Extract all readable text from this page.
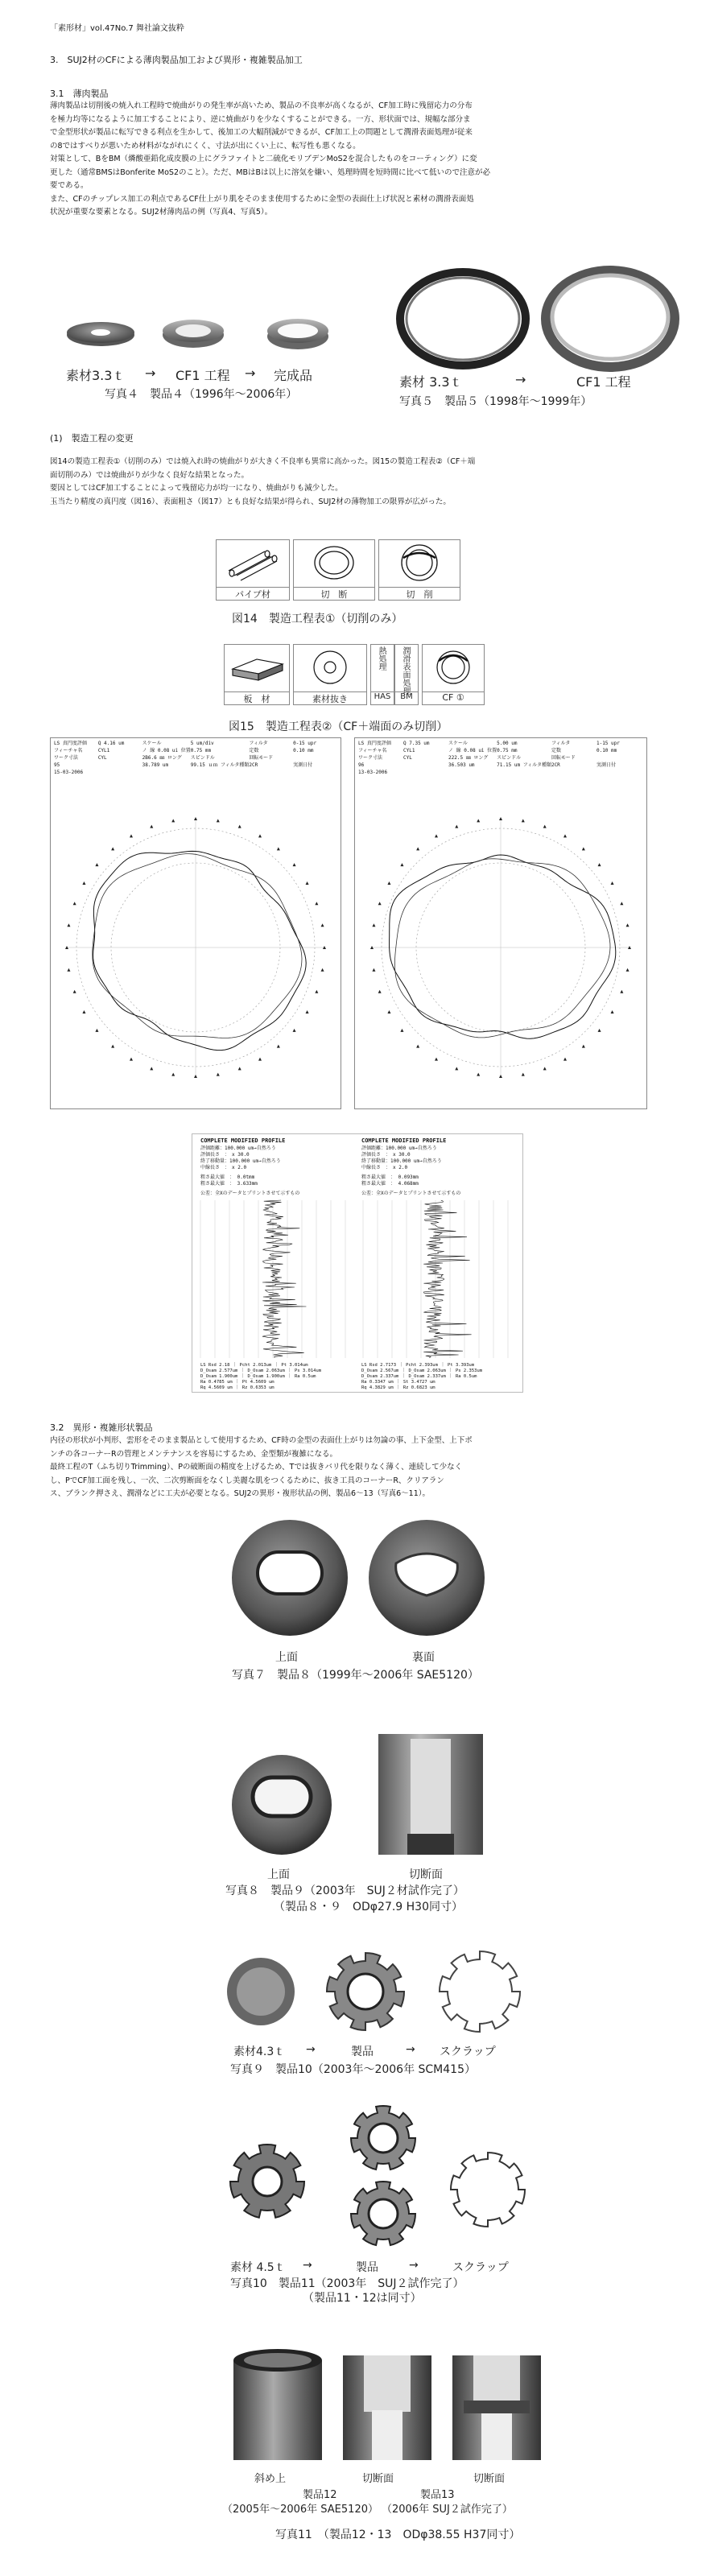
「素形材」vol.47No.7 舞社論文抜粋
3.　SUJ2材のCFによる薄肉製品加工および異形・複雑製品加工
3.1　薄肉製品
薄肉製品は切削後の焼入れ工程時で焼曲がりの発生率が高いため、製品の不良率が高くなるが、CF加工時に残留応力の分布
を極力均等になるように加工することにより、逆に焼曲がりを少なくすることができる。一方、形状面では、規幅な部分ま
で金型形状が製品に転写できる利点を生かして、後加工の大幅削減ができるが、CF加工上の問題として潤滑表面処理が従来
の8ではすべりが悪いため材料がながれにくく、寸法が出にくい上に、転写性も悪くなる。
対策として、BをBM（燐酸亜鉛化成皮膜の上にグラファイトと二硫化モリブデンMoS2を混合したものをコーティング）に変
更した（通常BMSはBonferite MoS2のこと）。ただ、MBはBは以上に溶気を嫌い、処理時間を短時間に比べて低いので注意が必
要である。
また、CFのチップレス加工の利点であるCF仕上がり肌をそのまま使用するために金型の表面仕上げ状況と素材の潤滑表面処
状況が重要な要素となる。SUJ2材薄肉品の例（写真4、写真5）。
素材3.3ｔ → CF1 工程 → 完成品
写真４　製品４（1996年〜2006年）
素材 3.3ｔ	→	CF1 工程
写真５　製品５（1998年〜1999年）
(1)　製造工程の変更
図14の製造工程表①（切削のみ）では焼入れ時の焼曲がりが大きく不良率も異常に高かった。図15の製造工程表②（CF＋端
面切削のみ）では焼曲がりが少なく良好な結果となった。
要因としてはCF加工することによって残留応力が均一になり、焼曲がりも減少した。
玉当たり精度の真円度（図16）、表面粗さ（図17）とも良好な結果が得られ、SUJ2材の薄物加工の限界が広がった。
パイプ材	切　断	切　削
図14　製造工程表①（切削のみ）
板　材	素材抜き
熱処理
HAS
潤滑表面処理
BM	CF ①
図15　製造工程表②（CF＋端面のみ切削）
LS 真円度評価	Q 4.16 um	スケール	5 um/div	フィルタ	0-15 upr
フィーチャ名	CYL1	ノ 線 0.08 ui 位置 0.75 mm	定数	0.10 mm
ワーク寸法	CYL	2B6.6 ㎜ ロング	スピンドル	回転モード
95	38.789 um	99.15 ｕｍ フィルタ種類 2CR	実測日付
15-03-2006
LS 真円度評価	Q 7.35 um	スケール	5.00 um	フィルタ	1-15 upr
フィーチャ名	CYL1	ノ 線 0.08 ui 位置 0.75 mm	定数	0.10 mm
ワーク寸法	CYL	222.5 ㎜ ロング	スピンドル	回転モード
96	36.503 um	71.15 um フィルタ種類 2CR	実測日付
13-03-2006
COMPLETE MODIFIED PROFILE	COMPLETE MODIFIED PROFILE
評価距離：100.000 um→自然ろう
評価長さ　：　x 30.0
終了移動量：100.000 um→自然ろう
中線長さ　：　x 2.0
粗さ最大値　： 0.0tmm
粗さ最大値　： 3.633mm
公差：全Xのデータとプリントさせて示すもの
評価距離：100.000 um→自然ろう
評価長さ　：　x 30.0
終了移動量：100.000 um→自然ろう
中線長さ　：　x 2.0
粗さ最大値　： 0.093mm
粗さ最大値　： 4.068mm
公差：全Xのデータとプリントさせて示すもの
LS Rsd 2.18 ｜ Pcht 2.013um ｜ Pt 3.014um
D_Osam 2.577um ｜ D_Osam 2.063um ｜ Ps 3.014um
D_Osam 1.900um ｜ D_Osam 1.900um ｜ Ra 0.5um
Ra 0.4785 um ｜ Pt 4.5609 um
Rq 4.5609 um ｜ Rz 0.6353 um
LS Rsd 2.7173 ｜ Pcht 2.393um ｜ Pt 3.393um
D_Osam 2.567um ｜ D_Osam 2.063um ｜ Ps 2.353um
D_Osam 2.337um ｜ D_Osam 2.337um ｜ Ra 0.5um
Ra 0.3347 um ｜ St 3.4727 um
Rq 4.3829 um ｜ Rz 0.6823 um
3.2　異形・複雑形状製品
内径の形状が小判形、雲形をそのまま製品として使用するため、CF時の金型の表面仕上がりは勿論の事、上下金型、上下ポ
ンチの各コーナーRの管理とメンテナンスを容易にするため、金型類が複雑になる。
最終工程のT（ふち切りTrimming）、Pの破断面の精度を上げるため、Tでは抜きバリ代を限りなく薄く、連続して少なく
し、PでCF加工面を残し、一次、二次剪断面をなくし美麗な肌をつくるために、抜き工具のコーナーR、クリアラン
ス、ブランク押さえ、潤滑などに工夫が必要となる。SUJ2の異形・複形状品の例、製品6〜13（写真6〜11）。
上面	裏面
写真７　製品８（1999年〜2006年 SAE5120）
上面	切断面
写真８　製品９（2003年　SUJ２材試作完了）
（製品８・９　ODφ27.9 H30同寸）
素材4.3ｔ →	製品	→ スクラップ
写真９　製品10（2003年〜2006年 SCM415）
素材 4.5ｔ →	製品	→	スクラップ
写真10　製品11（2003年　SUJ２試作完了）
（製品11・12は同寸）
斜め上	切断面	切断面
製品12	製品13
（2005年〜2006年 SAE5120） （2006年 SUJ２試作完了）
写真11　（製品12・13　ODφ38.55 H37同寸）
